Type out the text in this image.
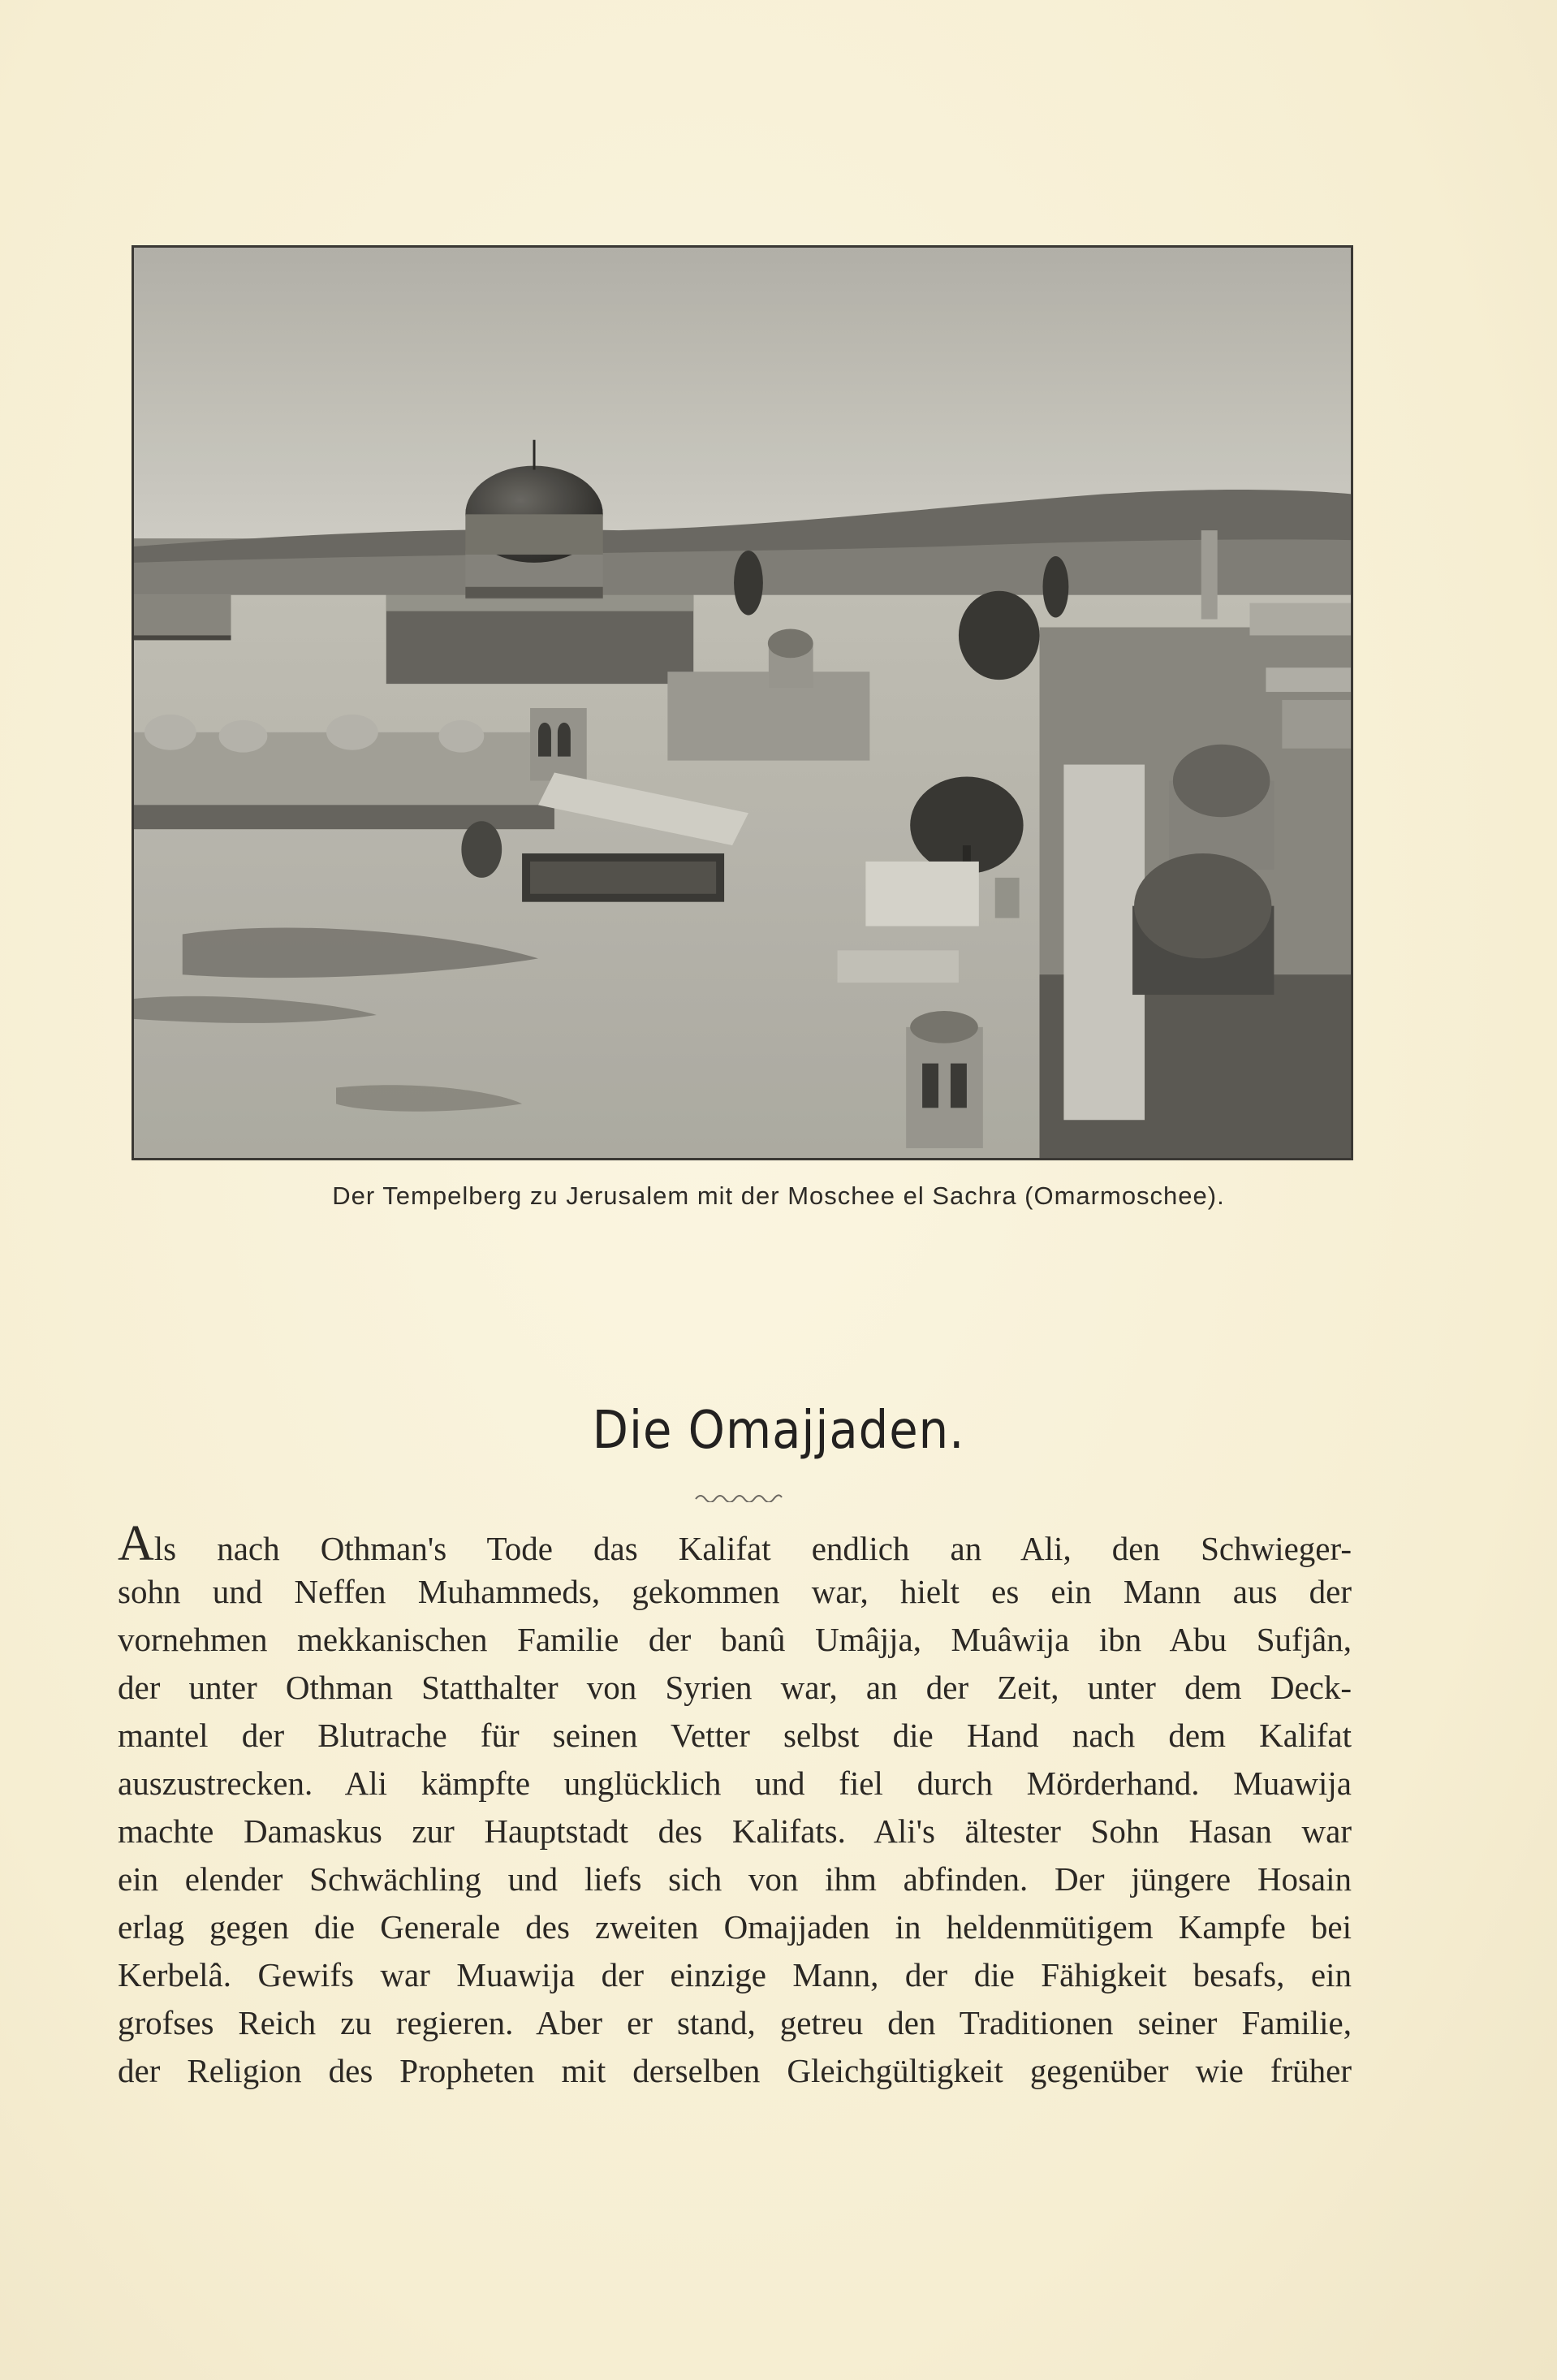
Der Tempelberg zu Jerusalem mit der Moschee el Sachra (Omarmoschee).
Die Omajjaden.
Als nach Othman's Tode das Kalifat endlich an Ali, den Schwieger-
sohn und Neffen Muhammeds, gekommen war, hielt es ein Mann aus der
vornehmen mekkanischen Familie der banû Umâjja, Muâwija ibn Abu Sufjân,
der unter Othman Statthalter von Syrien war, an der Zeit, unter dem Deck-
mantel der Blutrache für seinen Vetter selbst die Hand nach dem Kalifat
auszustrecken. Ali kämpfte unglücklich und fiel durch Mörderhand. Muawija
machte Damaskus zur Hauptstadt des Kalifats. Ali's ältester Sohn Hasan war
ein elender Schwächling und liefs sich von ihm abfinden. Der jüngere Hosain
erlag gegen die Generale des zweiten Omajjaden in heldenmütigem Kampfe bei
Kerbelâ. Gewifs war Muawija der einzige Mann, der die Fähigkeit besafs, ein
grofses Reich zu regieren. Aber er stand, getreu den Traditionen seiner Familie,
der Religion des Propheten mit derselben Gleichgültigkeit gegenüber wie früher
